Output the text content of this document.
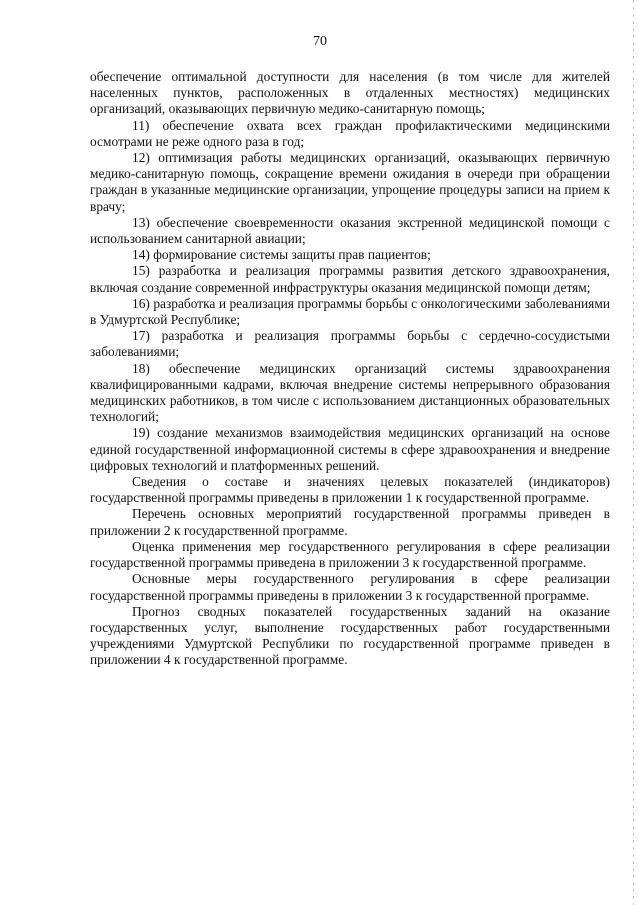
70

обеспечение оптимальной доступности для населения (в том числе для жителей населенных пунктов, расположенных в отдаленных местностях) медицинских организаций, оказывающих первичную медико-санитарную помощь;

11) обеспечение охвата всех граждан профилактическими медицинскими осмотрами не реже одного раза в год;

12) оптимизация работы медицинских организаций, оказывающих первичную медико-санитарную помощь, сокращение времени ожидания в очереди при обращении граждан в указанные медицинские организации, упрощение процедуры записи на прием к врачу;

13) обеспечение своевременности оказания экстренной медицинской помощи с использованием санитарной авиации;

14) формирование системы защиты прав пациентов;

15) разработка и реализация программы развития детского здравоохранения, включая создание современной инфраструктуры оказания медицинской помощи детям;

16) разработка и реализация программы борьбы с онкологическими заболеваниями в Удмуртской Республике;

17) разработка и реализация программы борьбы с сердечно-сосудистыми заболеваниями;

18) обеспечение медицинских организаций системы здравоохранения квалифицированными кадрами, включая внедрение системы непрерывного образования медицинских работников, в том числе с использованием дистанционных образовательных технологий;

19) создание механизмов взаимодействия медицинских организаций на основе единой государственной информационной системы в сфере здравоохранения и внедрение цифровых технологий и платформенных решений.

Сведения о составе и значениях целевых показателей (индикаторов) государственной программы приведены в приложении 1 к государственной программе.

Перечень основных мероприятий государственной программы приведен в приложении 2 к государственной программе.

Оценка применения мер государственного регулирования в сфере реализации государственной программы приведена в приложении 3 к государственной программе.

Основные меры государственного регулирования в сфере реализации государственной программы приведены в приложении 3 к государственной программе.

Прогноз сводных показателей государственных заданий на оказание государственных услуг, выполнение государственных работ государственными учреждениями Удмуртской Республики по государственной программе приведен в приложении 4 к государственной программе.
